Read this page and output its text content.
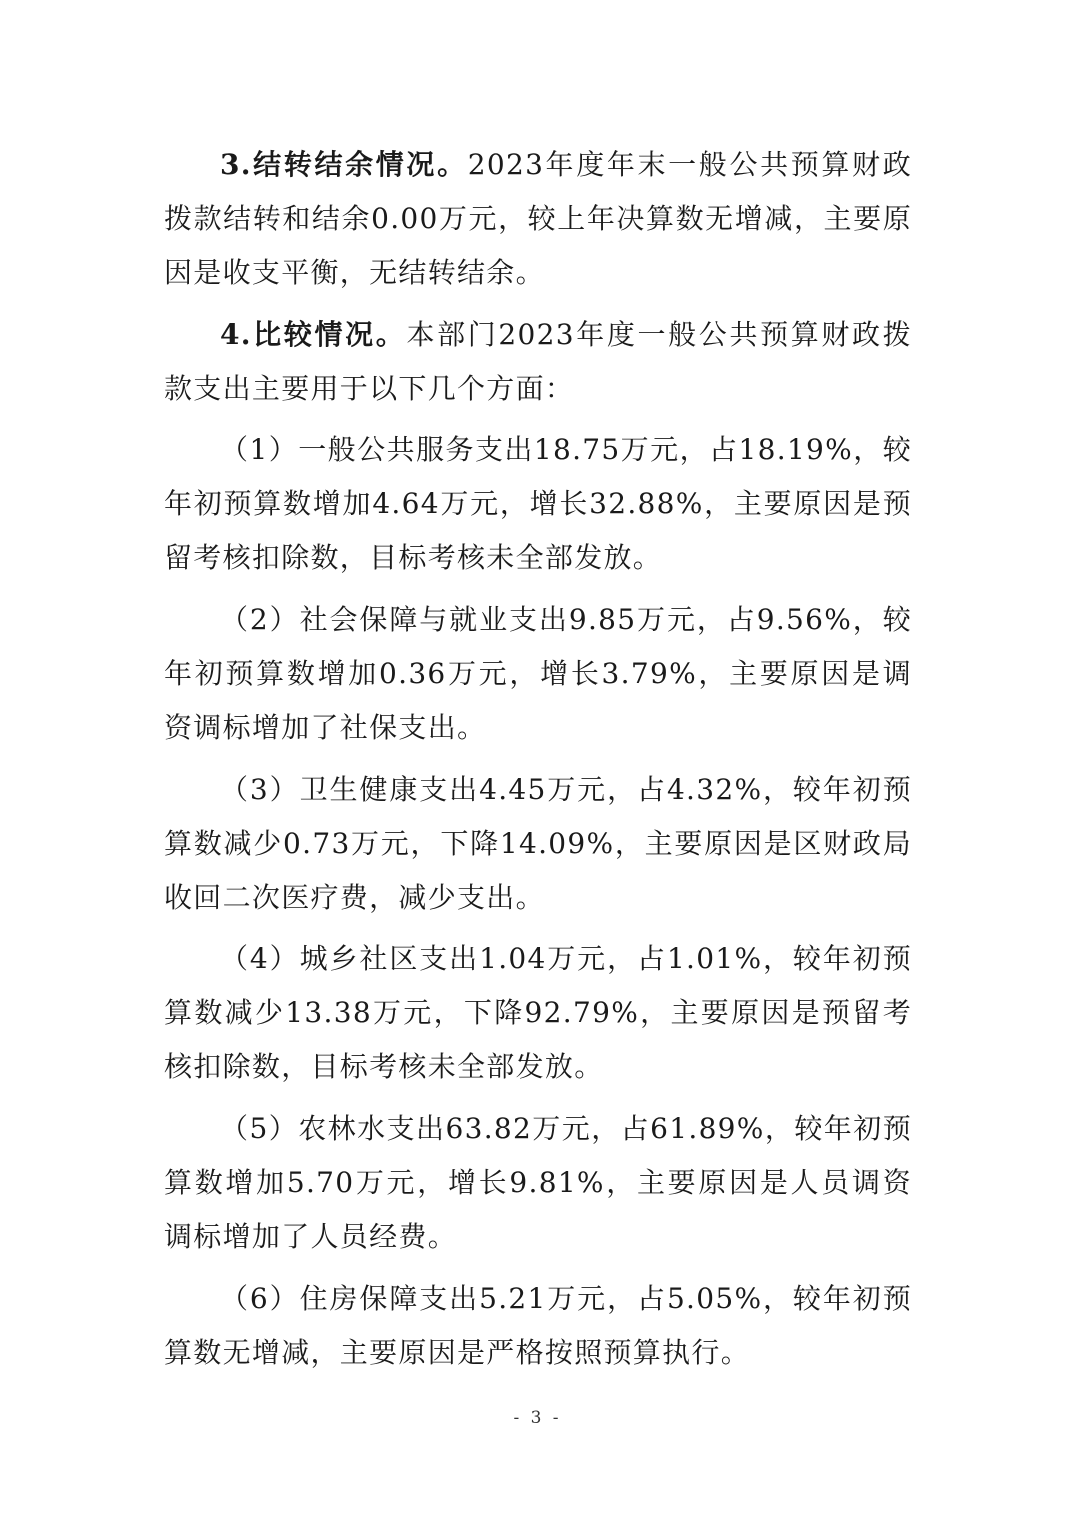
3.结转结余情况。2023年度年末一般公共预算财政拨款结转和结余0.00万元，较上年决算数无增减，主要原因是收支平衡，无结转结余。

4.比较情况。本部门2023年度一般公共预算财政拨款支出主要用于以下几个方面：

（1）一般公共服务支出18.75万元，占18.19%，较年初预算数增加4.64万元，增长32.88%，主要原因是预留考核扣除数，目标考核未全部发放。

（2）社会保障与就业支出9.85万元，占9.56%，较年初预算数增加0.36万元，增长3.79%，主要原因是调资调标增加了社保支出。

（3）卫生健康支出4.45万元，占4.32%，较年初预算数减少0.73万元，下降14.09%，主要原因是区财政局收回二次医疗费，减少支出。

（4）城乡社区支出1.04万元，占1.01%，较年初预算数减少13.38万元，下降92.79%，主要原因是预留考核扣除数，目标考核未全部发放。

（5）农林水支出63.82万元，占61.89%，较年初预算数增加5.70万元，增长9.81%，主要原因是人员调资调标增加了人员经费。

（6）住房保障支出5.21万元，占5.05%，较年初预算数无增减，主要原因是严格按照预算执行。

- 3 -
